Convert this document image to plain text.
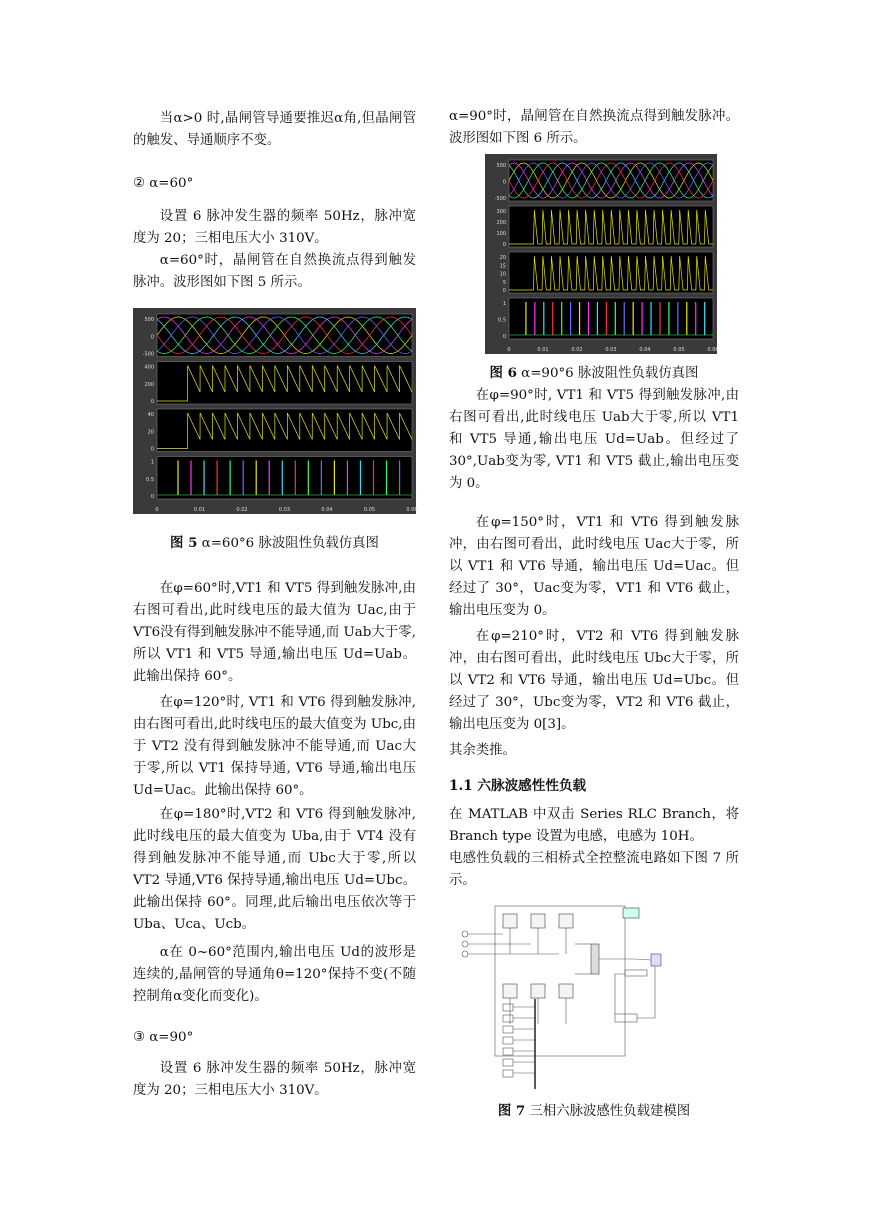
当α>0 时,晶闸管导通要推迟α角,但晶闸管的触发、导通顺序不变。
② α=60°
设置 6 脉冲发生器的频率 50Hz，脉冲宽度为 20；三相电压大小 310V。
α=60°时，晶闸管在自然换流点得到触发脉冲。波形图如下图 5 所示。
500
0
-500
400
200
0
40
20
0
1
0.5
0
0	0.01	0.02	0.03	0.04	0.05	0.06
图 5 α=60°6 脉波阻性负载仿真图
在φ=60°时,VT1 和 VT5 得到触发脉冲,由右图可看出,此时线电压的最大值为 Uac,由于 VT6没有得到触发脉冲不能导通,而 Uab大于零,所以 VT1 和 VT5 导通,输出电压 Ud=Uab。此输出保持 60°。
在φ=120°时, VT1 和 VT6 得到触发脉冲,由右图可看出,此时线电压的最大值变为 Ubc,由于 VT2 没有得到触发脉冲不能导通,而 Uac大于零,所以 VT1 保持导通, VT6 导通,输出电压 Ud=Uac。此输出保持 60°。
在φ=180°时,VT2 和 VT6 得到触发脉冲,此时线电压的最大值变为 Uba,由于 VT4 没有得到触发脉冲不能导通,而 Ubc大于零,所以 VT2 导通,VT6 保持导通,输出电压 Ud=Ubc。此输出保持 60°。同理,此后输出电压依次等于 Uba、Uca、Ucb。
α在 0~60°范围内,输出电压 Ud的波形是连续的,晶闸管的导通角θ=120°保持不变(不随控制角α变化而变化)。
③ α=90°
设置 6 脉冲发生器的频率 50Hz，脉冲宽度为 20；三相电压大小 310V。
α=90°时，晶闸管在自然换流点得到触发脉冲。波形图如下图 6 所示。
500
0
-500
300
200
100
0
20
15
10
5
0
1
0.5
0
0	0.01	0.02	0.03	0.04	0.05	0.06
图 6 α=90°6 脉波阻性负载仿真图
在φ=90°时, VT1 和 VT5 得到触发脉冲,由右图可看出,此时线电压 Uab大于零,所以 VT1 和 VT5 导通,输出电压 Ud=Uab。但经过了 30°,Uab变为零, VT1 和 VT5 截止,输出电压变为 0。
在φ=150°时，VT1 和 VT6 得到触发脉冲，由右图可看出，此时线电压 Uac大于零，所以 VT1 和 VT6 导通，输出电压 Ud=Uac。但经过了 30°，Uac变为零，VT1 和 VT6 截止，输出电压变为 0。
在φ=210°时，VT2 和 VT6 得到触发脉冲，由右图可看出，此时线电压 Ubc大于零，所以 VT2 和 VT6 导通，输出电压 Ud=Ubc。但经过了 30°，Ubc变为零，VT2 和 VT6 截止，输出电压变为 0[3]。
其余类推。
1.1 六脉波感性性负载
在 MATLAB 中双击 Series RLC Branch，将 Branch type 设置为电感，电感为 10H。
电感性负载的三相桥式全控整流电路如下图 7 所示。
图 7 三相六脉波感性负载建模图
